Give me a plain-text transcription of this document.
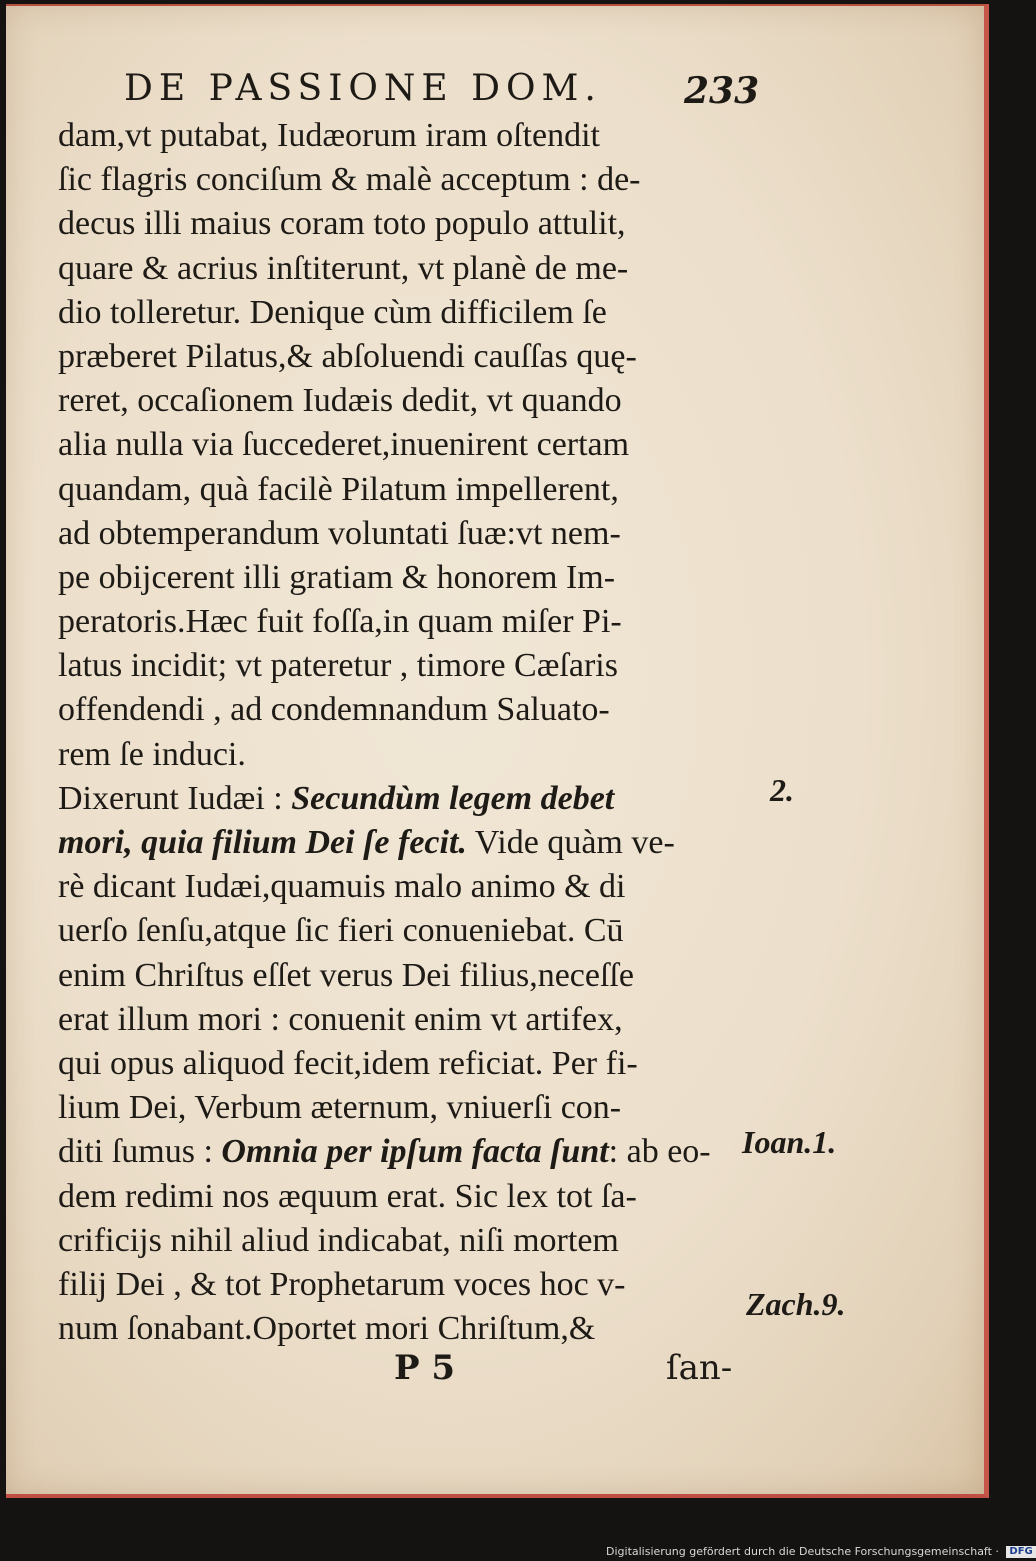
DE PASSIONE DOM. 233
dam,vt putabat, Iudæorum iram oſtendit
ſic flagris conciſum & malè acceptum : de-
decus illi maius coram toto populo attulit,
quare & acrius inſtiterunt, vt planè de me-
dio tolleretur. Denique cùm difficilem ſe
præberet Pilatus,& abſoluendi cauſſas quę-
reret, occaſionem Iudæis dedit, vt quando
alia nulla via ſuccederet,inuenirent certam
quandam, quà facilè Pilatum impellerent,
ad obtemperandum voluntati ſuæ:vt nem-
pe obijcerent illi gratiam & honorem Im-
peratoris.Hæc fuit foſſa,in quam miſer Pi-
latus incidit; vt pateretur , timore Cæſaris
offendendi , ad condemnandum Saluato-
rem ſe induci.
Dixerunt Iudæi : Secundùm legem debet
mori, quia filium Dei ſe fecit. Vide quàm ve-
rè dicant Iudæi,quamuis malo animo & di
uerſo ſenſu,atque ſic fieri conueniebat. Cū
enim Chriſtus eſſet verus Dei filius,neceſſe
erat illum mori : conuenit enim vt artifex,
qui opus aliquod fecit,idem reficiat. Per fi-
lium Dei, Verbum æternum, vniuerſi con-
diti ſumus : Omnia per ipſum facta ſunt: ab eo-
dem redimi nos æquum erat. Sic lex tot ſa-
crificijs nihil aliud indicabat, niſi mortem
filij Dei , & tot Prophetarum voces hoc v-
num ſonabant.Oportet mori Chriſtum,&
2.
Ioan.1.
Zach.9.
P 5	ſan-
Digitalisierung gefördert durch die Deutsche Forschungsgemeinschaft · DFG
